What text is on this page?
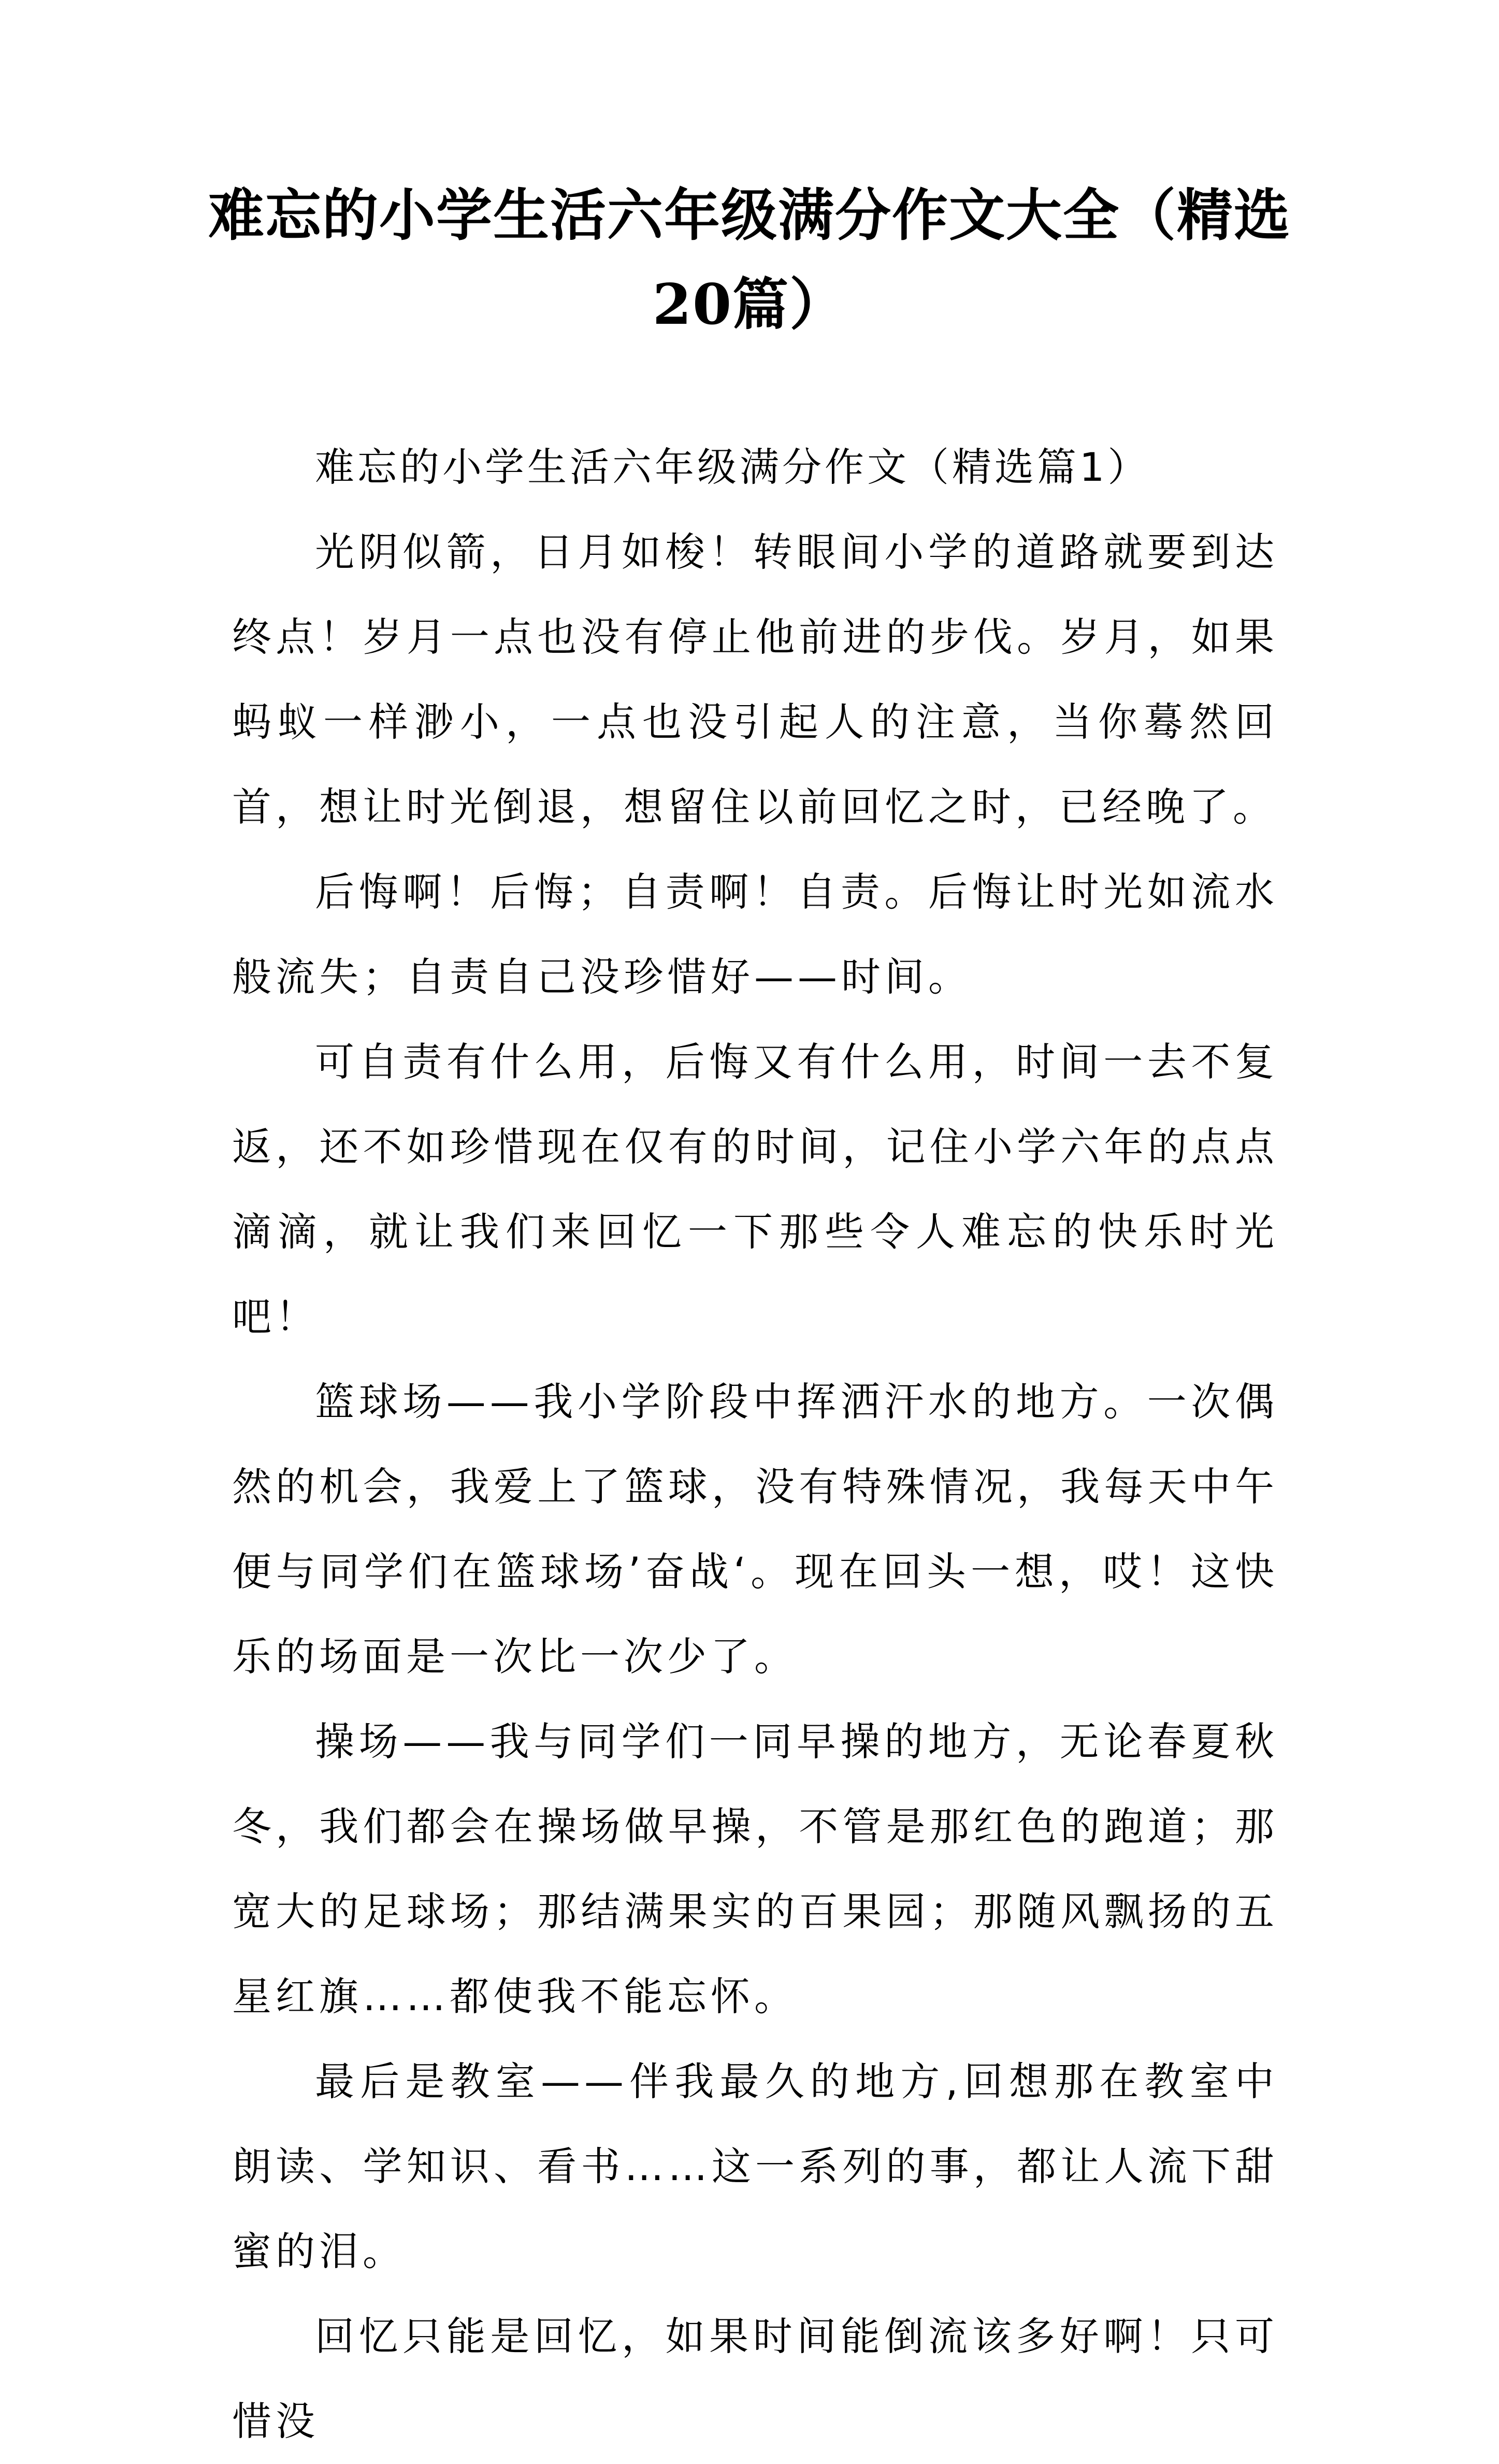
难忘的小学生活六年级满分作文大全（精选20篇）

难忘的小学生活六年级满分作文（精选篇1）

光阴似箭，日月如梭！转眼间小学的道路就要到达终点！岁月一点也没有停止他前进的步伐。岁月，如果蚂蚁一样渺小，一点也没引起人的注意，当你蓦然回首，想让时光倒退，想留住以前回忆之时，已经晚了。

后悔啊！后悔；自责啊！自责。后悔让时光如流水般流失；自责自己没珍惜好——时间。

可自责有什么用，后悔又有什么用，时间一去不复返，还不如珍惜现在仅有的时间，记住小学六年的点点滴滴，就让我们来回忆一下那些令人难忘的快乐时光吧！

篮球场——我小学阶段中挥洒汗水的地方。一次偶然的机会，我爱上了篮球，没有特殊情况，我每天中午便与同学们在篮球场’奋战‘。现在回头一想，哎！这快乐的场面是一次比一次少了。

操场——我与同学们一同早操的地方，无论春夏秋冬，我们都会在操场做早操，不管是那红色的跑道；那宽大的足球场；那结满果实的百果园；那随风飘扬的五星红旗……都使我不能忘怀。

最后是教室——伴我最久的地方,回想那在教室中朗读、学知识、看书……这一系列的事，都让人流下甜蜜的泪。

回忆只能是回忆，如果时间能倒流该多好啊！只可惜没
